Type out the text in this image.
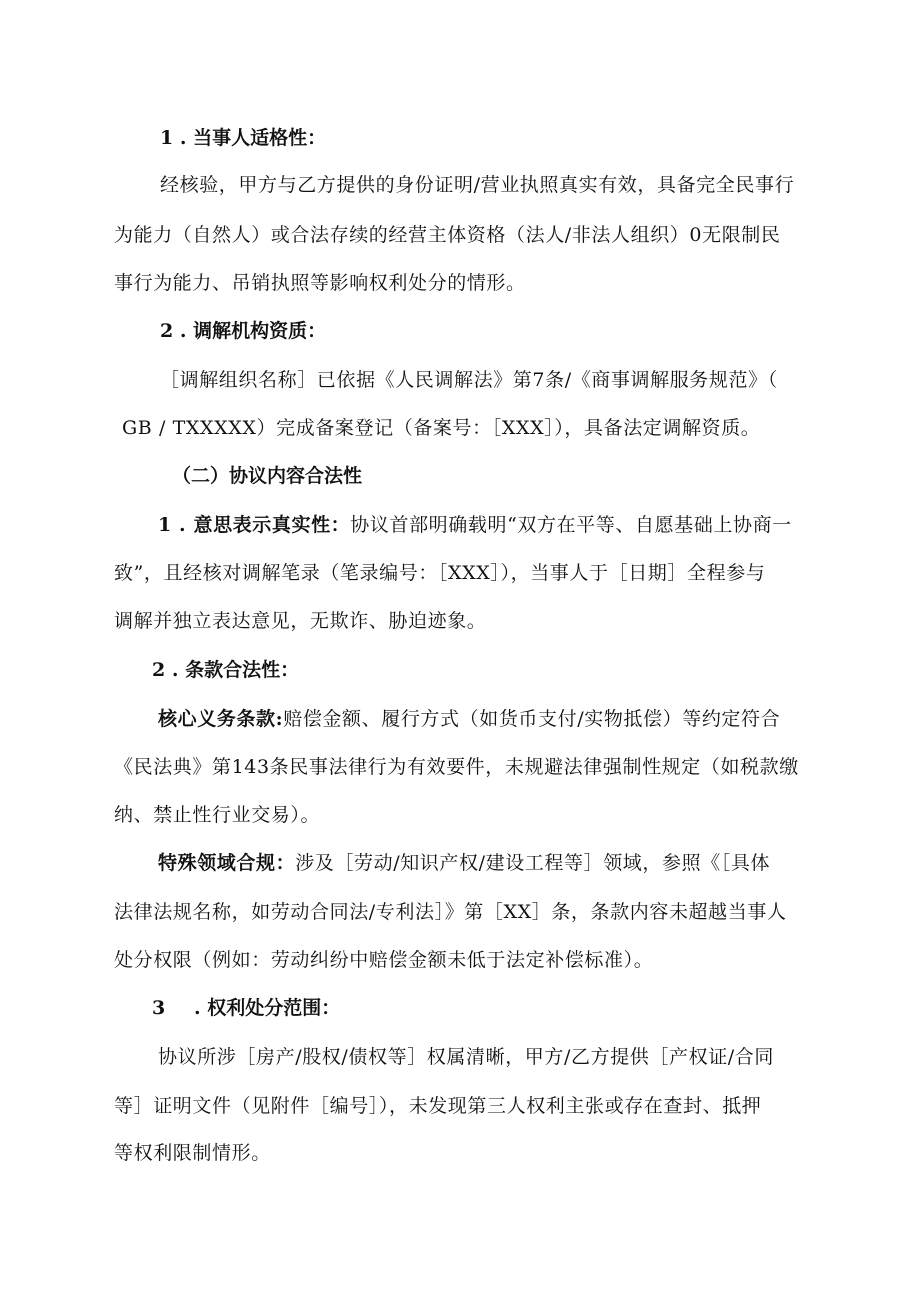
1 . 当事人适格性：
经核验，甲方与乙方提供的身份证明/营业执照真实有效，具备完全民事行
为能力（自然人）或合法存续的经营主体资格（法人/非法人组织）0无限制民
事行为能力、吊销执照等影响权利处分的情形。
2 . 调解机构资质：
［调解组织名称］已依据《人民调解法》第7条/《商事调解服务规范》（
GB / TXXXXX）完成备案登记（备案号：［XXX］），具备法定调解资质。
（二）协议内容合法性
1 . 意思表示真实性：协议首部明确载明“双方在平等、自愿基础上协商一
致”，且经核对调解笔录（笔录编号：［XXX］），当事人于［日期］全程参与
调解并独立表达意见，无欺诈、胁迫迹象。
2 . 条款合法性：
核心义务条款:赔偿金额、履行方式（如货币支付/实物抵偿）等约定符合
《民法典》第143条民事法律行为有效要件，未规避法律强制性规定（如税款缴
纳、禁止性行业交易）。
特殊领域合规：涉及［劳动/知识产权/建设工程等］领域，参照《［具体
法律法规名称，如劳动合同法/专利法］》第［XX］条，条款内容未超越当事人
处分权限（例如：劳动纠纷中赔偿金额未低于法定补偿标准）。
3 . 权利处分范围：
协议所涉［房产/股权/债权等］权属清晰，甲方/乙方提供［产权证/合同
等］证明文件（见附件［编号］），未发现第三人权利主张或存在查封、抵押
等权利限制情形。
